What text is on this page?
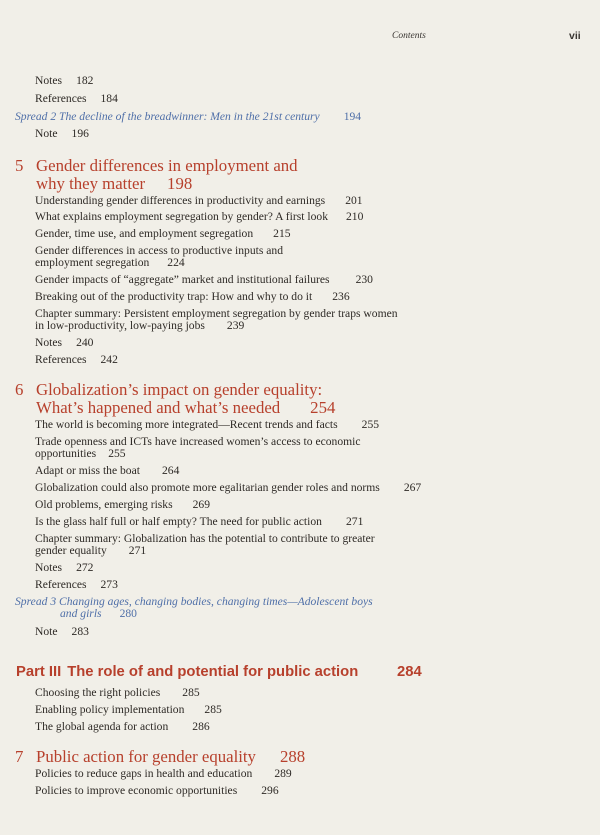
Contents	vii
Notes 182
References 184
Spread 2 The decline of the breadwinner: Men in the 21st century 194
Note 196
5 Gender differences in employment and
why they matter 198
Understanding gender differences in productivity and earnings 201
What explains employment segregation by gender? A first look 210
Gender, time use, and employment segregation 215
Gender differences in access to productive inputs and
employment segregation 224
Gender impacts of “aggregate” market and institutional failures 230
Breaking out of the productivity trap: How and why to do it 236
Chapter summary: Persistent employment segregation by gender traps women
in low-productivity, low-paying jobs 239
Notes 240
References 242
6 Globalization’s impact on gender equality:
What’s happened and what’s needed 254
The world is becoming more integrated—Recent trends and facts 255
Trade openness and ICTs have increased women’s access to economic
opportunities 255
Adapt or miss the boat 264
Globalization could also promote more egalitarian gender roles and norms 267
Old problems, emerging risks 269
Is the glass half full or half empty? The need for public action 271
Chapter summary: Globalization has the potential to contribute to greater
gender equality 271
Notes 272
References 273
Spread 3 Changing ages, changing bodies, changing times—Adolescent boys
and girls 280
Note 283
Part III The role of and potential for public action	284
Choosing the right policies 285
Enabling policy implementation 285
The global agenda for action 286
7 Public action for gender equality 288
Policies to reduce gaps in health and education 289
Policies to improve economic opportunities 296
